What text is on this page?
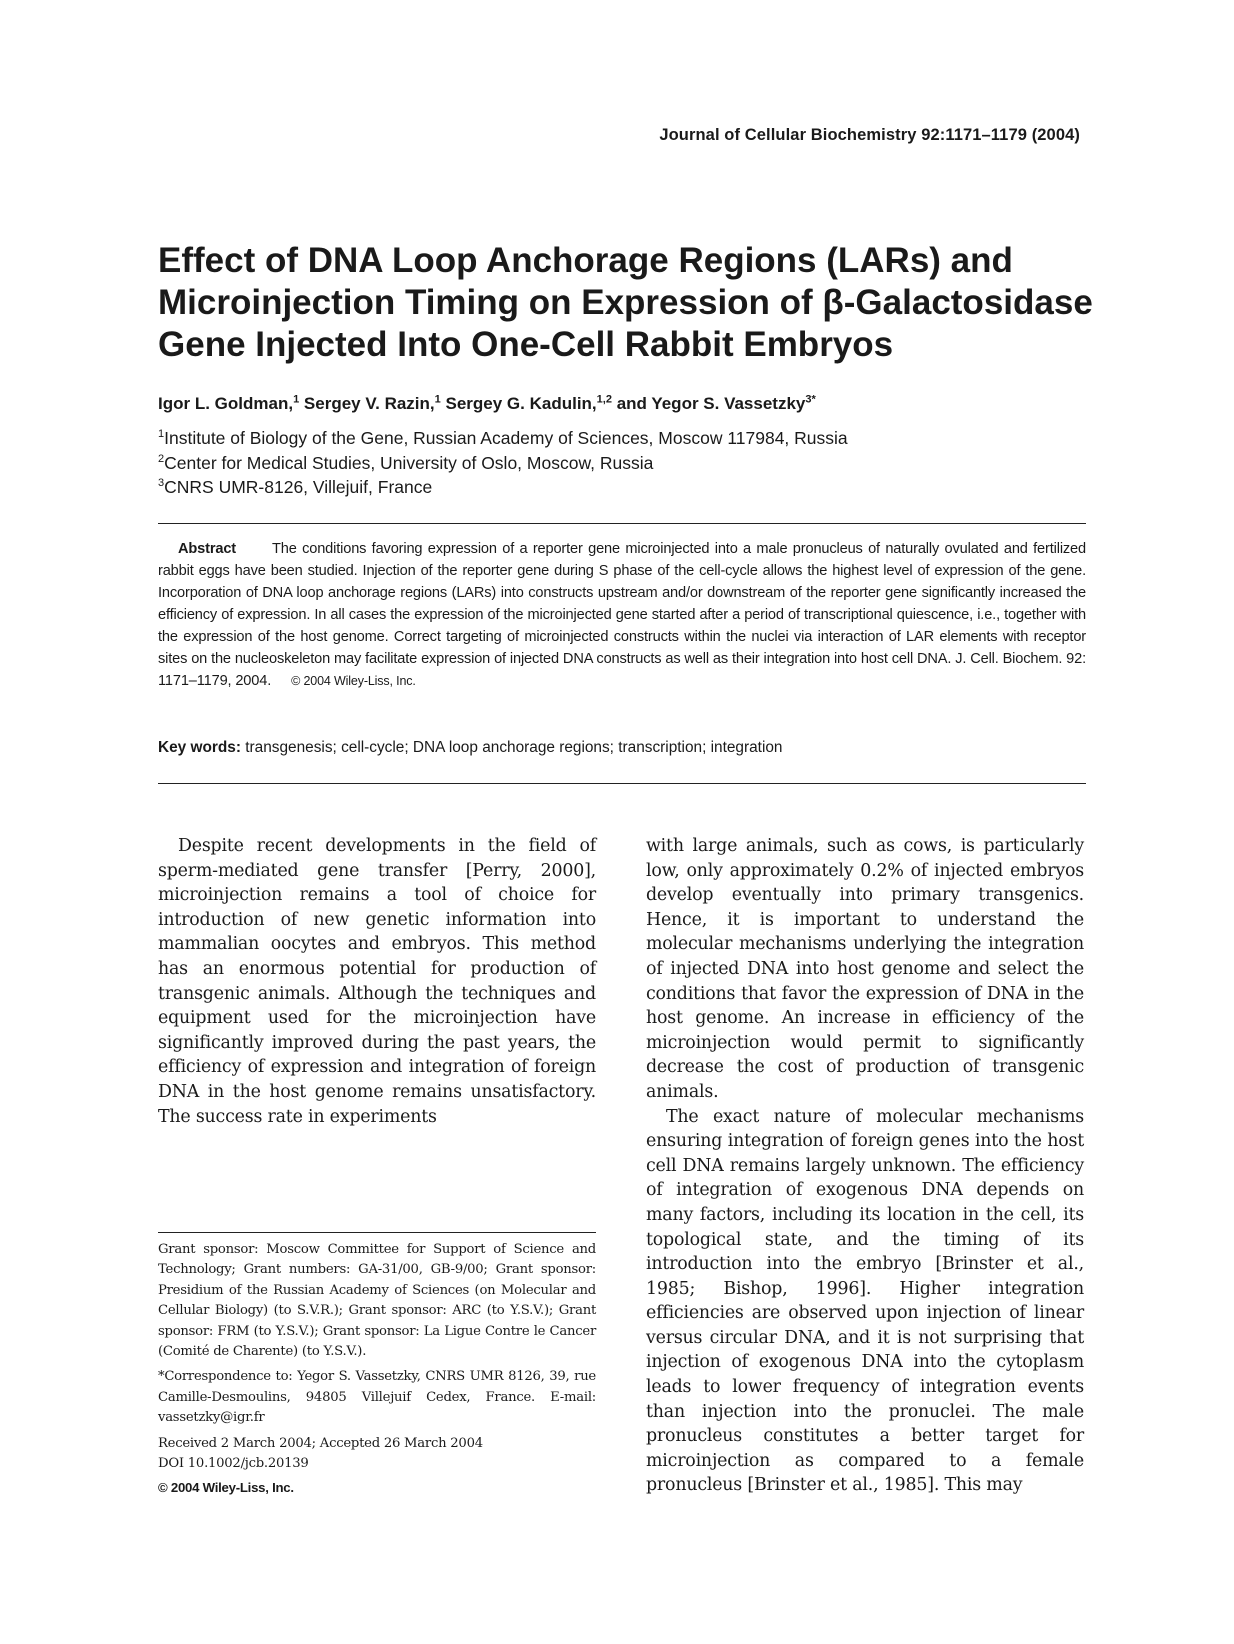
Journal of Cellular Biochemistry 92:1171–1179 (2004)
Effect of DNA Loop Anchorage Regions (LARs) and Microinjection Timing on Expression of β-Galactosidase Gene Injected Into One-Cell Rabbit Embryos
Igor L. Goldman,$^1$ Sergey V. Razin,$^1$ Sergey G. Kadulin,$^{1,2}$ and Yegor S. Vassetzky$^{3*}$
$^1$Institute of Biology of the Gene, Russian Academy of Sciences, Moscow 117984, Russia
$^2$Center for Medical Studies, University of Oslo, Moscow, Russia
$^3$CNRS UMR-8126, Villejuif, France
Abstract The conditions favoring expression of a reporter gene microinjected into a male pronucleus of naturally ovulated and fertilized rabbit eggs have been studied. Injection of the reporter gene during S phase of the cell-cycle allows the highest level of expression of the gene. Incorporation of DNA loop anchorage regions (LARs) into constructs upstream and/or downstream of the reporter gene significantly increased the efficiency of expression. In all cases the expression of the microinjected gene started after a period of transcriptional quiescence, i.e., together with the expression of the host genome. Correct targeting of microinjected constructs within the nuclei via interaction of LAR elements with receptor sites on the nucleoskeleton may facilitate expression of injected DNA constructs as well as their integration into host cell DNA. J. Cell. Biochem. 92: 1171–1179, 2004. © 2004 Wiley-Liss, Inc.
Key words: transgenesis; cell-cycle; DNA loop anchorage regions; transcription; integration

Despite recent developments in the field of sperm-mediated gene transfer [Perry, 2000], microinjection remains a tool of choice for introduction of new genetic information into mammalian oocytes and embryos. This method has an enormous potential for production of transgenic animals. Although the techniques and equipment used for the microinjection have significantly improved during the past years, the efficiency of expression and integration of foreign DNA in the host genome remains unsatisfactory. The success rate in experiments

with large animals, such as cows, is particularly low, only approximately 0.2% of injected embryos develop eventually into primary transgenics. Hence, it is important to understand the molecular mechanisms underlying the integration of injected DNA into host genome and select the conditions that favor the expression of DNA in the host genome. An increase in efficiency of the microinjection would permit to significantly decrease the cost of production of transgenic animals.

The exact nature of molecular mechanisms ensuring integration of foreign genes into the host cell DNA remains largely unknown. The efficiency of integration of exogenous DNA depends on many factors, including its location in the cell, its topological state, and the timing of its introduction into the embryo [Brinster et al., 1985; Bishop, 1996]. Higher integration efficiencies are observed upon injection of linear versus circular DNA, and it is not surprising that injection of exogenous DNA into the cytoplasm leads to lower frequency of integration events than injection into the pronuclei. The male pronucleus constitutes a better target for microinjection as compared to a female pronucleus [Brinster et al., 1985]. This may

Grant sponsor: Moscow Committee for Support of Science and Technology; Grant numbers: GA-31/00, GB-9/00; Grant sponsor: Presidium of the Russian Academy of Sciences (on Molecular and Cellular Biology) (to S.V.R.); Grant sponsor: ARC (to Y.S.V.); Grant sponsor: FRM (to Y.S.V.); Grant sponsor: La Ligue Contre le Cancer (Comité de Charente) (to Y.S.V.).

*Correspondence to: Yegor S. Vassetzky, CNRS UMR 8126, 39, rue Camille-Desmoulins, 94805 Villejuif Cedex, France. E-mail: vassetzky@igr.fr

Received 2 March 2004; Accepted 26 March 2004

DOI 10.1002/jcb.20139

© 2004 Wiley-Liss, Inc.
